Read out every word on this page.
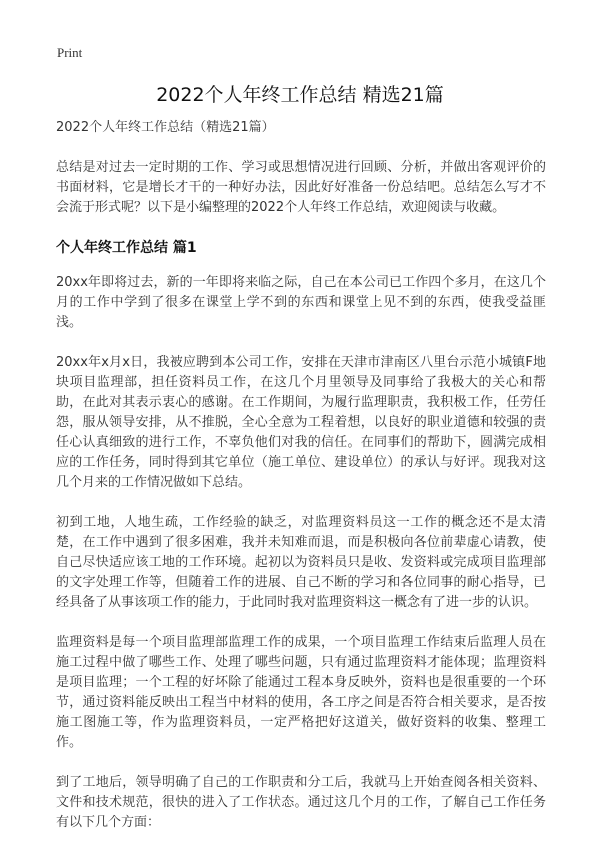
Print
2022个人年终工作总结 精选21篇

2022个人年终工作总结（精选21篇）

总结是对过去一定时期的工作、学习或思想情况进行回顾、分析，并做出客观评价的书面材料，它是增长才干的一种好办法，因此好好准备一份总结吧。总结怎么写才不会流于形式呢？以下是小编整理的2022个人年终工作总结，欢迎阅读与收藏。

个人年终工作总结 篇1

20xx年即将过去，新的一年即将来临之际，自己在本公司已工作四个多月，在这几个月的工作中学到了很多在课堂上学不到的东西和课堂上见不到的东西，使我受益匪浅。

20xx年x月x日，我被应聘到本公司工作，安排在天津市津南区八里台示范小城镇F地块项目监理部，担任资料员工作，在这几个月里领导及同事给了我极大的关心和帮助，在此对其表示衷心的感谢。在工作期间，为履行监理职责，我积极工作，任劳任怨，服从领导安排，从不推脱，全心全意为工程着想，以良好的职业道德和较强的责任心认真细致的进行工作，不辜负他们对我的信任。在同事们的帮助下，圆满完成相应的工作任务，同时得到其它单位（施工单位、建设单位）的承认与好评。现我对这几个月来的工作情况做如下总结。

初到工地，人地生疏，工作经验的缺乏，对监理资料员这一工作的概念还不是太清楚，在工作中遇到了很多困难，我并未知难而退，而是积极向各位前辈虚心请教，使自己尽快适应该工地的工作环境。起初以为资料员只是收、发资料或完成项目监理部的文字处理工作等，但随着工作的进展、自己不断的学习和各位同事的耐心指导，已经具备了从事该项工作的能力，于此同时我对监理资料这一概念有了进一步的认识。

监理资料是每一个项目监理部监理工作的成果，一个项目监理工作结束后监理人员在施工过程中做了哪些工作、处理了哪些问题，只有通过监理资料才能体现；监理资料是项目监理；一个工程的好坏除了能通过工程本身反映外，资料也是很重要的一个环节，通过资料能反映出工程当中材料的使用，各工序之间是否符合相关要求，是否按施工图施工等，作为监理资料员，一定严格把好这道关，做好资料的收集、整理工作。

到了工地后，领导明确了自己的工作职责和分工后，我就马上开始查阅各相关资料、文件和技术规范，很快的进入了工作状态。通过这几个月的工作，了解自己工作任务有以下几个方面：
